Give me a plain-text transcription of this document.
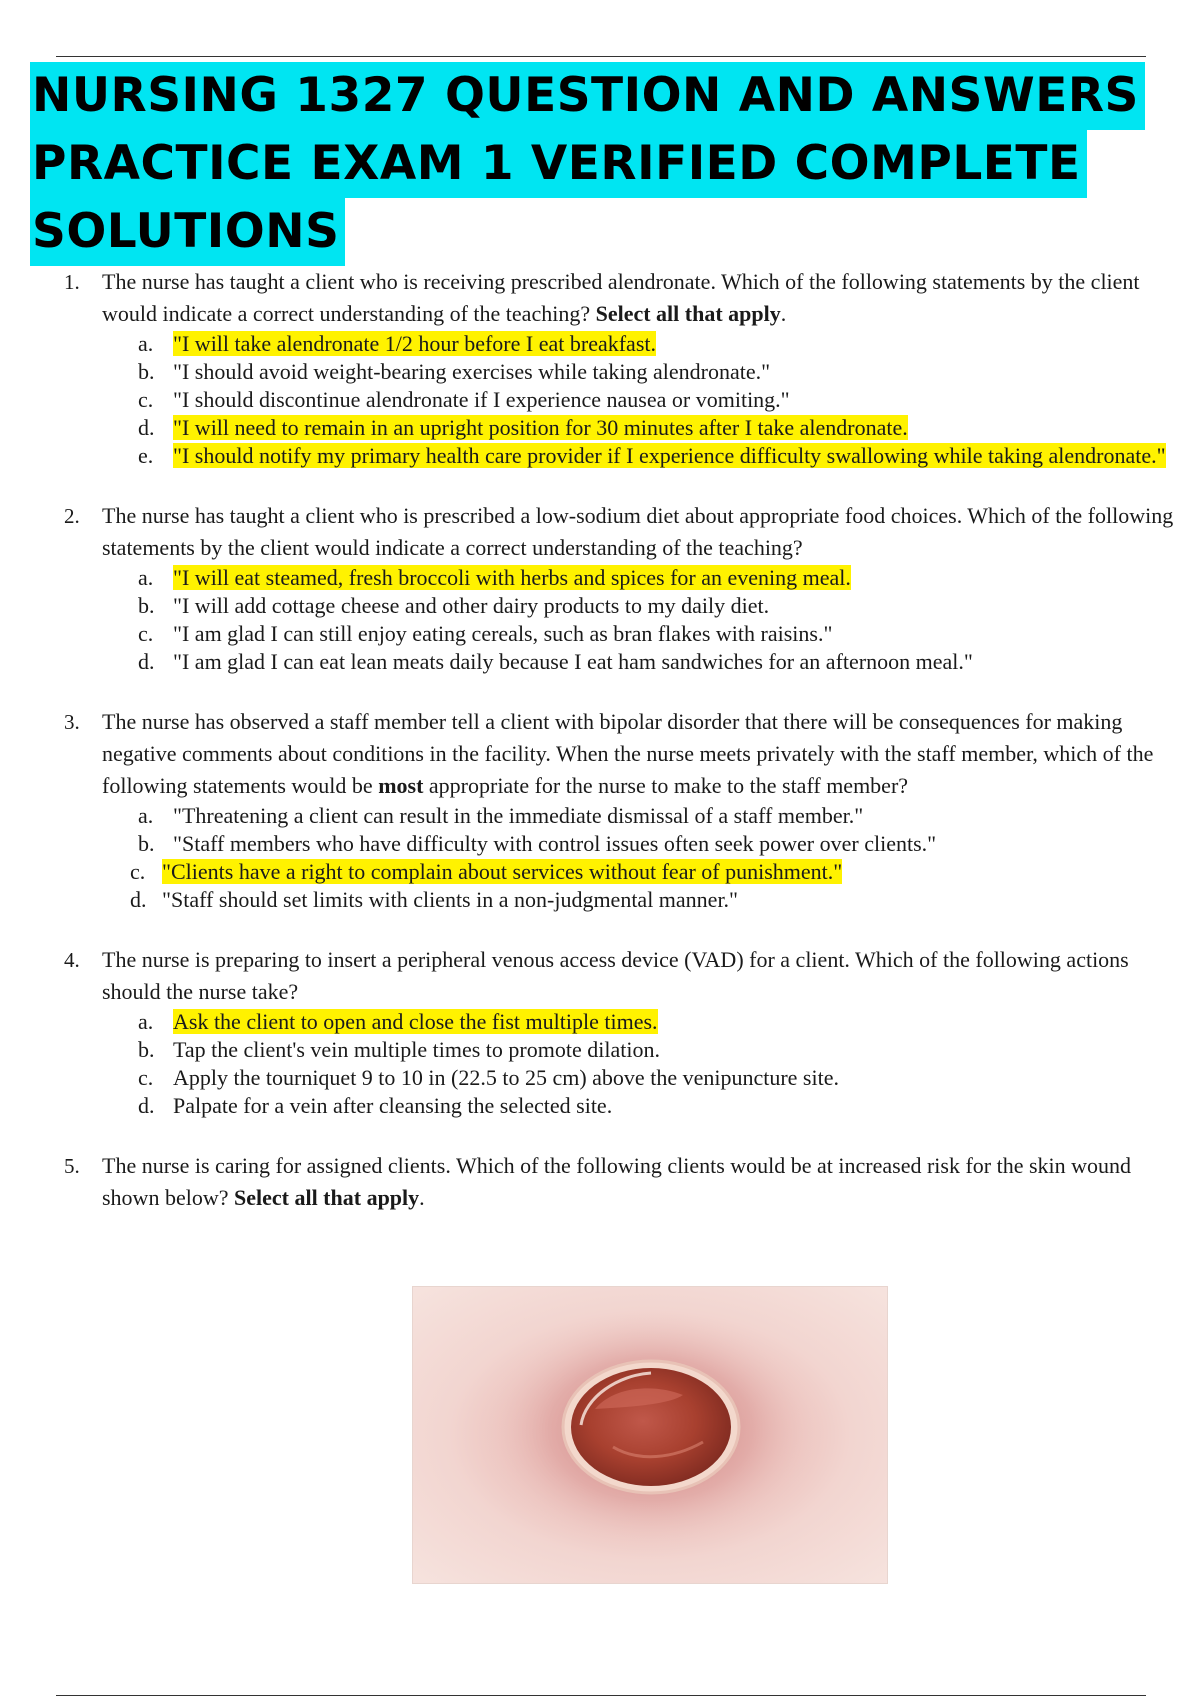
NURSING 1327 QUESTION AND ANSWERS
PRACTICE EXAM 1 VERIFIED COMPLETE
SOLUTIONS
1. The nurse has taught a client who is receiving prescribed alendronate. Which of the following statements by the client would indicate a correct understanding of the teaching? Select all that apply.
a. "I will take alendronate 1/2 hour before I eat breakfast.
b. "I should avoid weight-bearing exercises while taking alendronate."
c. "I should discontinue alendronate if I experience nausea or vomiting."
d. "I will need to remain in an upright position for 30 minutes after I take alendronate.
e. "I should notify my primary health care provider if I experience difficulty swallowing while taking alendronate."
2. The nurse has taught a client who is prescribed a low-sodium diet about appropriate food choices. Which of the following statements by the client would indicate a correct understanding of the teaching?
a. "I will eat steamed, fresh broccoli with herbs and spices for an evening meal.
b. "I will add cottage cheese and other dairy products to my daily diet.
c. "I am glad I can still enjoy eating cereals, such as bran flakes with raisins."
d. "I am glad I can eat lean meats daily because I eat ham sandwiches for an afternoon meal."
3. The nurse has observed a staff member tell a client with bipolar disorder that there will be consequences for making negative comments about conditions in the facility. When the nurse meets privately with the staff member, which of the following statements would be most appropriate for the nurse to make to the staff member?
a. "Threatening a client can result in the immediate dismissal of a staff member."
b. "Staff members who have difficulty with control issues often seek power over clients."
c. "Clients have a right to complain about services without fear of punishment."
d. "Staff should set limits with clients in a non-judgmental manner."
4. The nurse is preparing to insert a peripheral venous access device (VAD) for a client. Which of the following actions should the nurse take?
a. Ask the client to open and close the fist multiple times.
b. Tap the client's vein multiple times to promote dilation.
c. Apply the tourniquet 9 to 10 in (22.5 to 25 cm) above the venipuncture site.
d. Palpate for a vein after cleansing the selected site.
5. The nurse is caring for assigned clients. Which of the following clients would be at increased risk for the skin wound shown below? Select all that apply.
